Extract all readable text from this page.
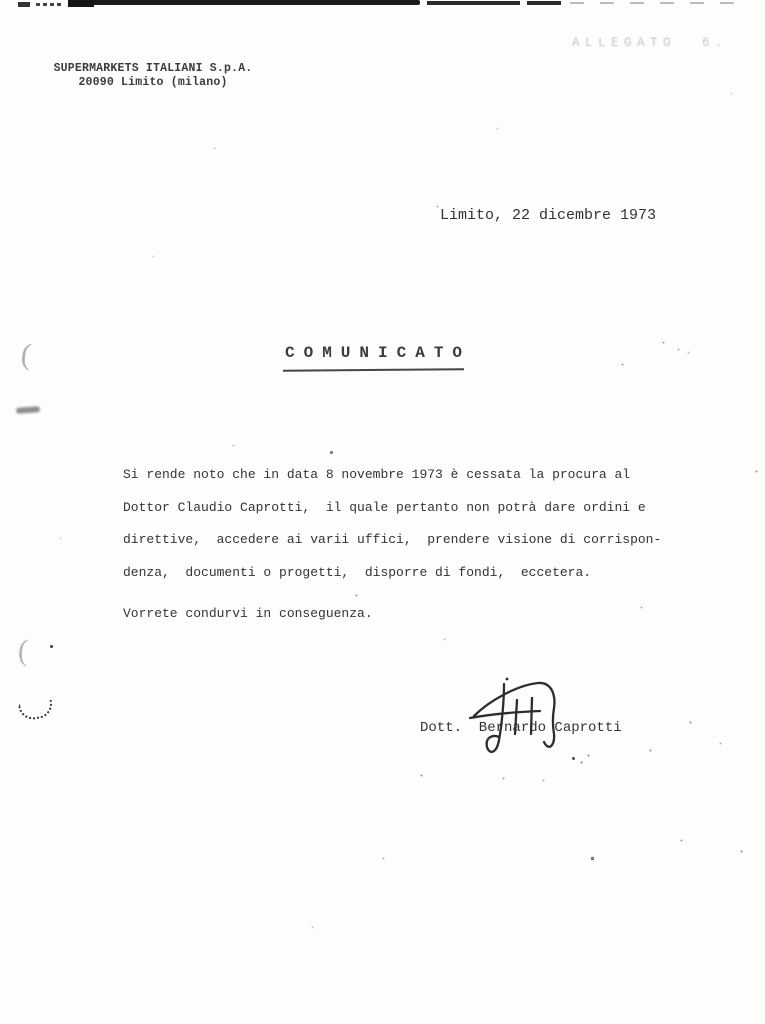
SUPERMARKETS ITALIANI S.p.A.
20090 Limito (milano)
ALLEGATO  6.
Limito, 22 dicembre 1973
COMUNICATO
Si rende noto che in data 8 novembre 1973 è cessata la procura al
Dottor Claudio Caprotti,  il quale pertanto non potrà dare ordini e
direttive,  accedere ai varii uffici,  prendere visione di corrispon-
denza,  documenti o progetti,  disporre di fondi,  eccetera.
Vorrete condurvi in conseguenza.
Dott.  Bernardo Caprotti
(
(
